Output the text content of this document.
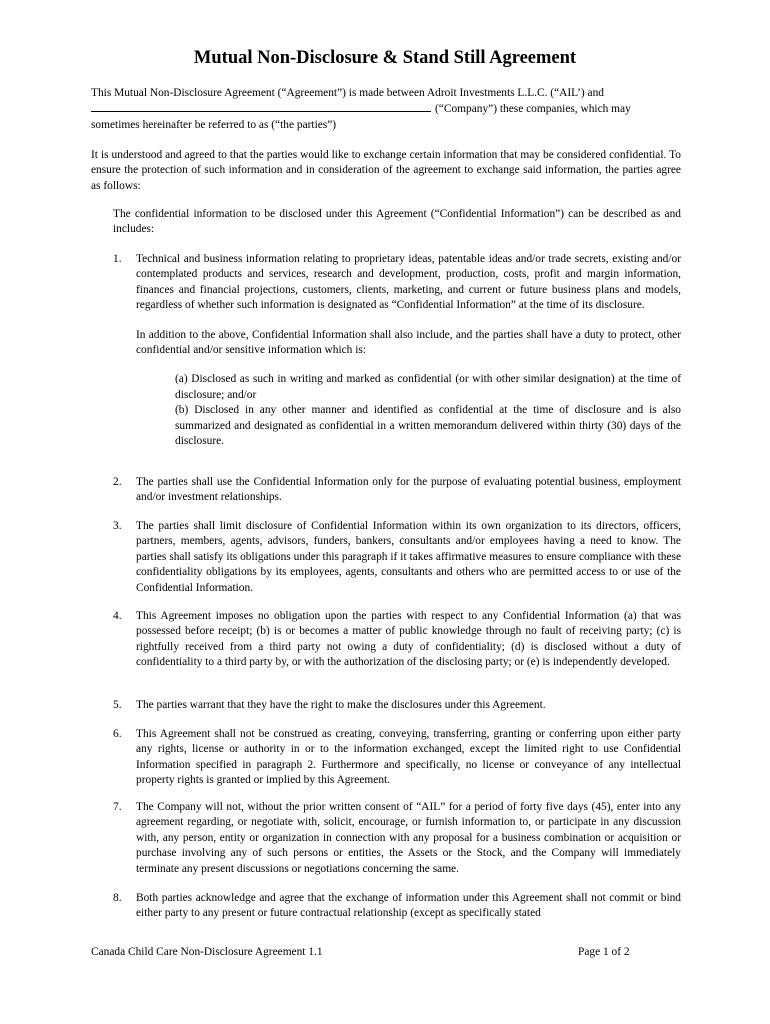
Mutual Non-Disclosure & Stand Still Agreement

This Mutual Non-Disclosure Agreement (“Agreement”) is made between Adroit Investments L.L.C. (“AIL’) and
(“Company”) these companies, which may sometimes hereinafter be referred to as (“the parties”)

It is understood and agreed to that the parties would like to exchange certain information that may be considered confidential. To ensure the protection of such information and in consideration of the agreement to exchange said information, the parties agree as follows:

The confidential information to be disclosed under this Agreement (“Confidential Information”) can be described as and includes:

1.	Technical and business information relating to proprietary ideas, patentable ideas and/or trade secrets, existing and/or contemplated products and services, research and development, production, costs, profit and margin information, finances and financial projections, customers, clients, marketing, and current or future business plans and models, regardless of whether such information is designated as “Confidential Information” at the time of its disclosure.

In addition to the above, Confidential Information shall also include, and the parties shall have a duty to protect, other confidential and/or sensitive information which is:

(a) Disclosed as such in writing and marked as confidential (or with other similar designation) at the time of disclosure; and/or

(b) Disclosed in any other manner and identified as confidential at the time of disclosure and is also summarized and designated as confidential in a written memorandum delivered within thirty (30) days of the disclosure.

2.	The parties shall use the Confidential Information only for the purpose of evaluating potential business, employment and/or investment relationships.

3.	The parties shall limit disclosure of Confidential Information within its own organization to its directors, officers, partners, members, agents, advisors, funders, bankers, consultants and/or employees having a need to know. The parties shall satisfy its obligations under this paragraph if it takes affirmative measures to ensure compliance with these confidentiality obligations by its employees, agents, consultants and others who are permitted access to or use of the Confidential Information.

4.	This Agreement imposes no obligation upon the parties with respect to any Confidential Information (a) that was possessed before receipt; (b) is or becomes a matter of public knowledge through no fault of receiving party; (c) is rightfully received from a third party not owing a duty of confidentiality; (d) is disclosed without a duty of confidentiality to a third party by, or with the authorization of the disclosing party; or (e) is independently developed.

5.	The parties warrant that they have the right to make the disclosures under this Agreement.

6.	This Agreement shall not be construed as creating, conveying, transferring, granting or conferring upon either party any rights, license or authority in or to the information exchanged, except the limited right to use Confidential Information specified in paragraph 2. Furthermore and specifically, no license or conveyance of any intellectual property rights is granted or implied by this Agreement.

7.	The Company will not, without the prior written consent of “AIL” for a period of forty five days (45), enter into any agreement regarding, or negotiate with, solicit, encourage, or furnish information to, or participate in any discussion with, any person, entity or organization in connection with any proposal for a business combination or acquisition or purchase involving any of such persons or entities, the Assets or the Stock, and the Company will immediately terminate any present discussions or negotiations concerning the same.

8.	Both parties acknowledge and agree that the exchange of information under this Agreement shall not commit or bind either party to any present or future contractual relationship (except as specifically stated

Canada Child Care Non-Disclosure Agreement 1.1	Page 1 of 2
